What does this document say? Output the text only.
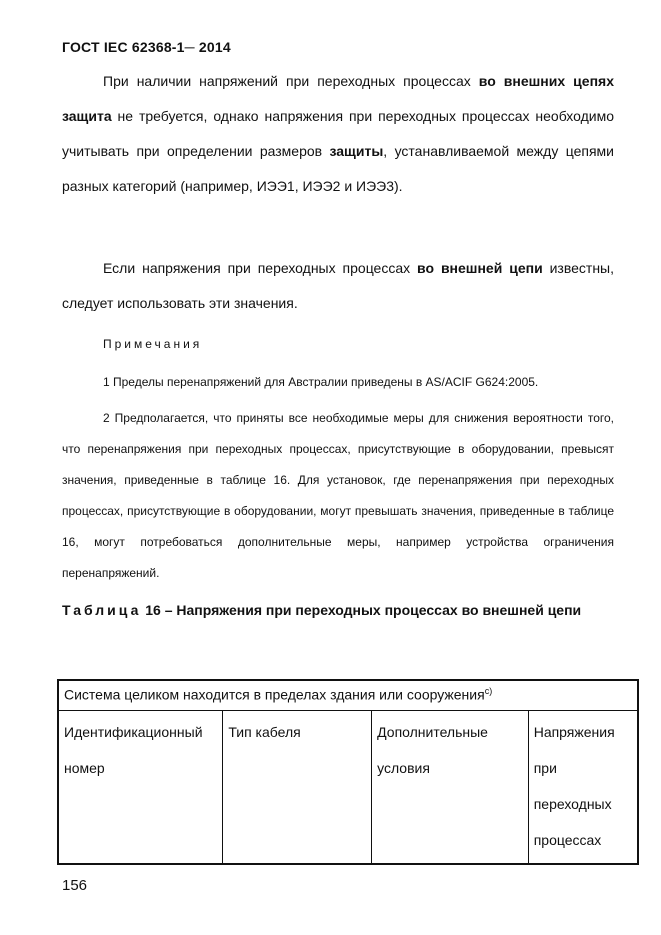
ГОСТ IEC 62368-1─ 2014

При наличии напряжений при переходных процессах во внешних цепях защита не требуется, однако напряжения при переходных процессах необходимо учитывать при определении размеров защиты, устанавливаемой между цепями разных категорий (например, ИЭЭ1, ИЭЭ2 и ИЭЭ3).

Если напряжения при переходных процессах во внешней цепи известны, следует использовать эти значения.

Примечания

1 Пределы перенапряжений для Австралии приведены в AS/ACIF G624:2005.

2 Предполагается, что приняты все необходимые меры для снижения вероятности того, что перенапряжения при переходных процессах, присутствующие в оборудовании, превысят значения, приведенные в таблице 16. Для установок, где перенапряжения при переходных процессах, присутствующие в оборудовании, могут превышать значения, приведенные в таблице 16, могут потребоваться дополнительные меры, например устройства ограничения перенапряжений.

Таблица 16 – Напряжения при переходных процессах во внешней цепи

Система целиком находится в пределах здания или сооружения$^{c)}$
Идентификационный номер	Тип кабеля	Дополнительные условия	Напряжения при переходных процессах
156
